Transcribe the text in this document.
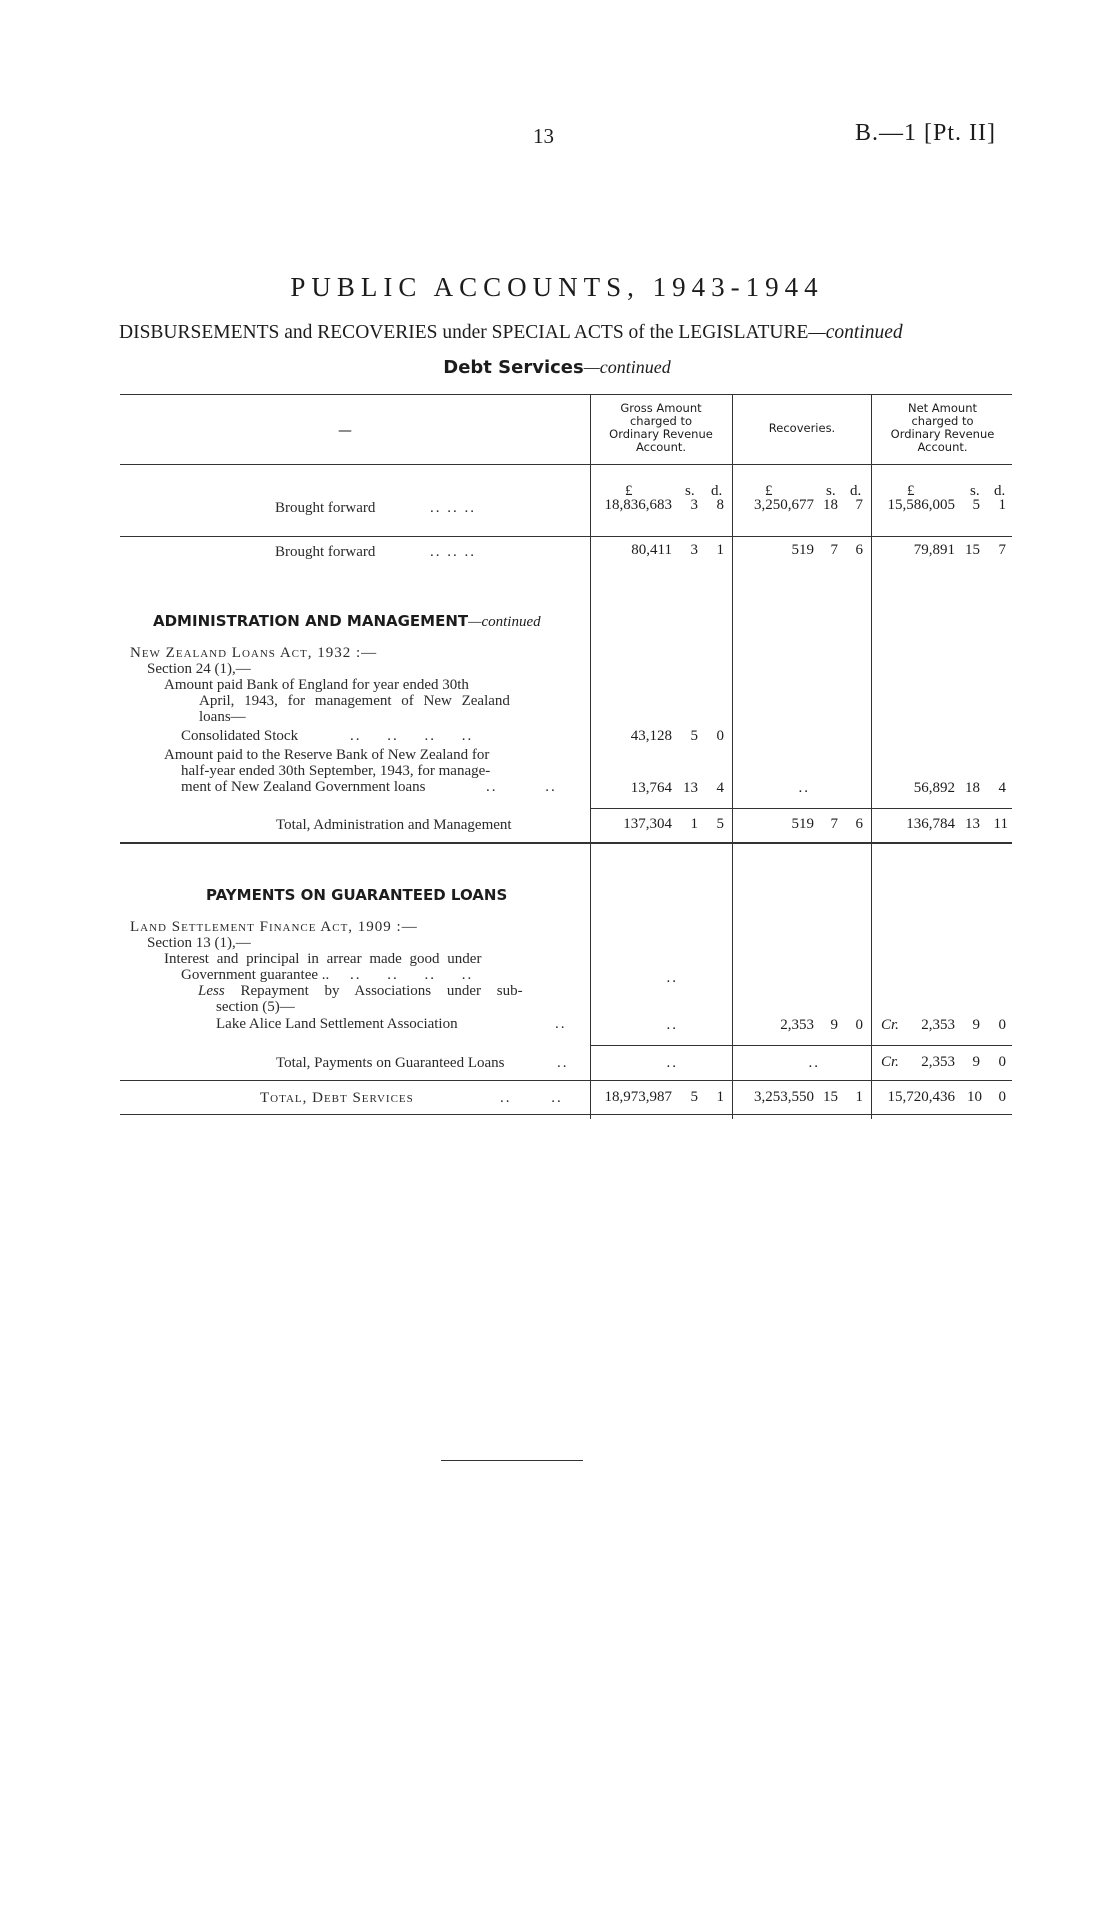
13	B.—1 [Pt. II]
PUBLIC ACCOUNTS, 1943-1944
DISBURSEMENTS and RECOVERIES under SPECIAL ACTS of the LEGISLATURE—continued
Debt Services—continued
—
Gross Amount
charged to
Ordinary Revenue
Account.
Recoveries.
Net Amount
charged to
Ordinary Revenue
Account.
£	s. d.	£	s. d.	£	s. d.
Brought forward	.. .. ..	18,836,683	3	8	3,250,677 18	7	15,586,005	5	1
Brought forward	.. .. ..	80,411	3	1	519	7	6	79,891 15	7
ADMINISTRATION AND MANAGEMENT—continued
New Zealand Loans Act, 1932 :—
Section 24 (1),—
Amount paid Bank of England for year ended 30th
April, 1943, for management of New Zealand
loans—
Consolidated Stock	.. .. .. ..	43,128	5	0
Amount paid to the Reserve Bank of New Zealand for
half-year ended 30th September, 1943, for manage-
ment of New Zealand Government loans	.. ..	13,764 13	4	..	56,892 18	4
Total, Administration and Management	137,304	1	5	519	7	6	136,784 13 11
PAYMENTS ON GUARANTEED LOANS
Land Settlement Finance Act, 1909 :—
Section 13 (1),—
Interest and principal in arrear made good under
Government guarantee .. .. .. .. ..	..
Less Repayment by Associations under sub-
section (5)—
Lake Alice Land Settlement Association	..	..	2,353	9	0 Cr.	2,353	9	0
Total, Payments on Guaranteed Loans	..	..	..	Cr.	2,353	9	0
Total, Debt Services	.. ..	18,973,987	5	1	3,253,550 15	1	15,720,436 10	0
